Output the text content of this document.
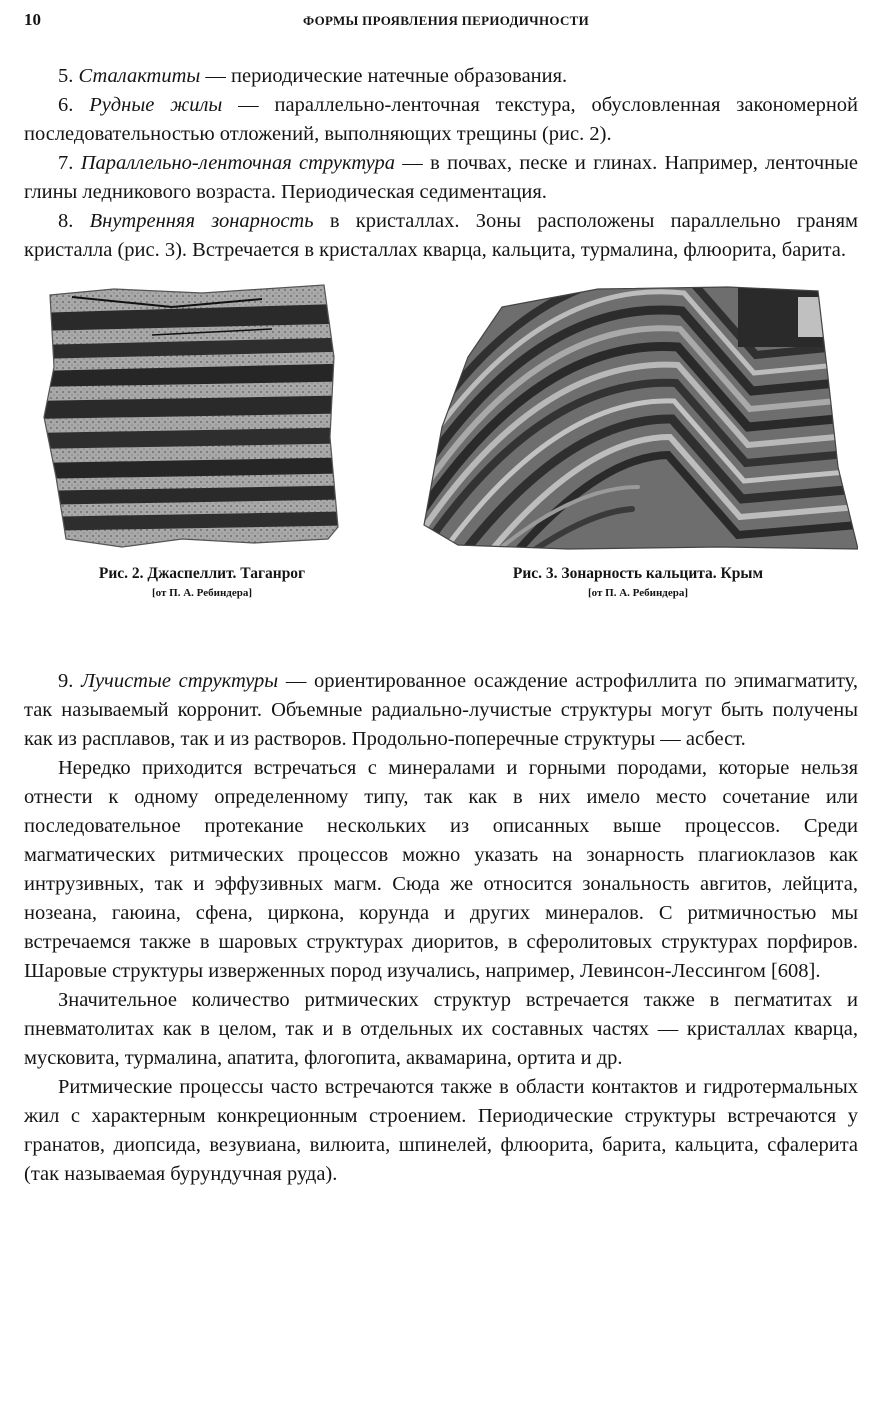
10	ФОРМЫ ПРОЯВЛЕНИЯ ПЕРИОДИЧНОСТИ

5. Сталактиты — периодические натечные образования.

6. Рудные жилы — параллельно-ленточная текстура, обусловленная закономерной последовательностью отложений, выполняющих трещины (рис. 2).

7. Параллельно-ленточная структура — в почвах, песке и глинах. Например, ленточные глины ледникового возраста. Периодическая седиментация.

8. Внутренняя зонарность в кристаллах. Зоны расположены параллельно граням кристалла (рис. 3). Встречается в кристаллах кварца, кальцита, турмалина, флюорита, барита.

Рис. 2. Джаспеллит. Таганрог
[от П. А. Ребиндера]
Рис. 3. Зонарность кальцита. Крым
[от П. А. Ребиндера]

9. Лучистые структуры — ориентированное осаждение астрофиллита по эпимагматиту, так называемый корронит. Объемные радиально-лучистые структуры могут быть получены как из расплавов, так и из растворов. Продольно-поперечные структуры — асбест.

Нередко приходится встречаться с минералами и горными породами, которые нельзя отнести к одному определенному типу, так как в них имело место сочетание или последовательное протекание нескольких из описанных выше процессов. Среди магматических ритмических процессов можно указать на зонарность плагиоклазов как интрузивных, так и эффузивных магм. Сюда же относится зональность авгитов, лейцита, нозеана, гаюина, сфена, циркона, корунда и других минералов. С ритмичностью мы встречаемся также в шаровых структурах диоритов, в сферолитовых структурах порфиров. Шаровые структуры изверженных пород изучались, например, Левинсон-Лессингом [608].

Значительное количество ритмических структур встречается также в пегматитах и пневматолитах как в целом, так и в отдельных их составных частях — кристаллах кварца, мусковита, турмалина, апатита, флогопита, аквамарина, ортита и др.

Ритмические процессы часто встречаются также в области контактов и гидротермальных жил с характерным конкреционным строением. Периодические структуры встречаются у гранатов, диопсида, везувиана, вилюита, шпинелей, флюорита, барита, кальцита, сфалерита (так называемая бурундучная руда).
